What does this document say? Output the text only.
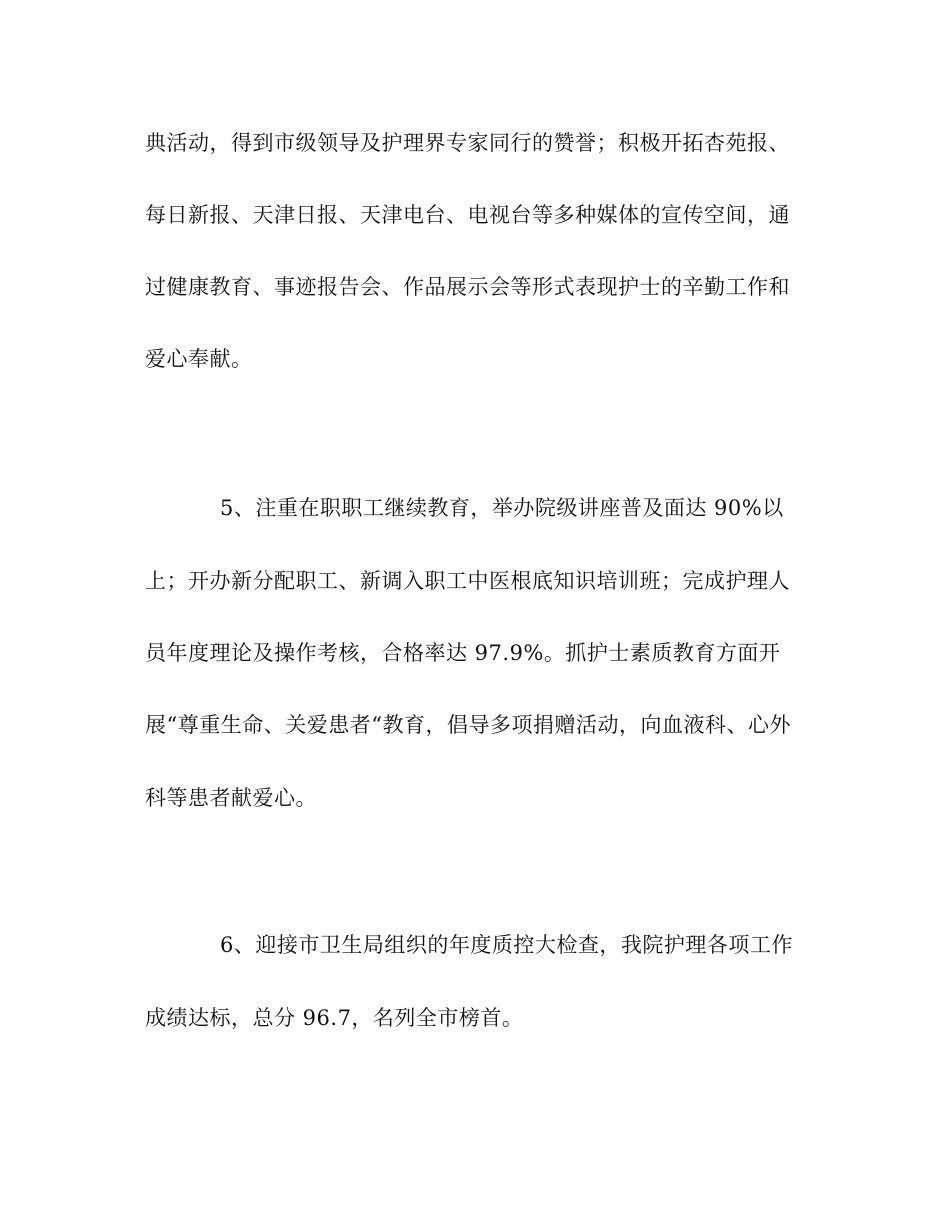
典活动，得到市级领导及护理界专家同行的赞誉；积极开拓杏苑报、
每日新报、天津日报、天津电台、电视台等多种媒体的宣传空间，通
过健康教育、事迹报告会、作品展示会等形式表现护士的辛勤工作和
爱心奉献。
5、注重在职职工继续教育，举办院级讲座普及面达 90%以
上；开办新分配职工、新调入职工中医根底知识培训班；完成护理人
员年度理论及操作考核，合格率达 97.9%。抓护士素质教育方面开
展“尊重生命、关爱患者“教育，倡导多项捐赠活动，向血液科、心外
科等患者献爱心。
6、迎接市卫生局组织的年度质控大检查，我院护理各项工作
成绩达标，总分 96.7，名列全市榜首。
